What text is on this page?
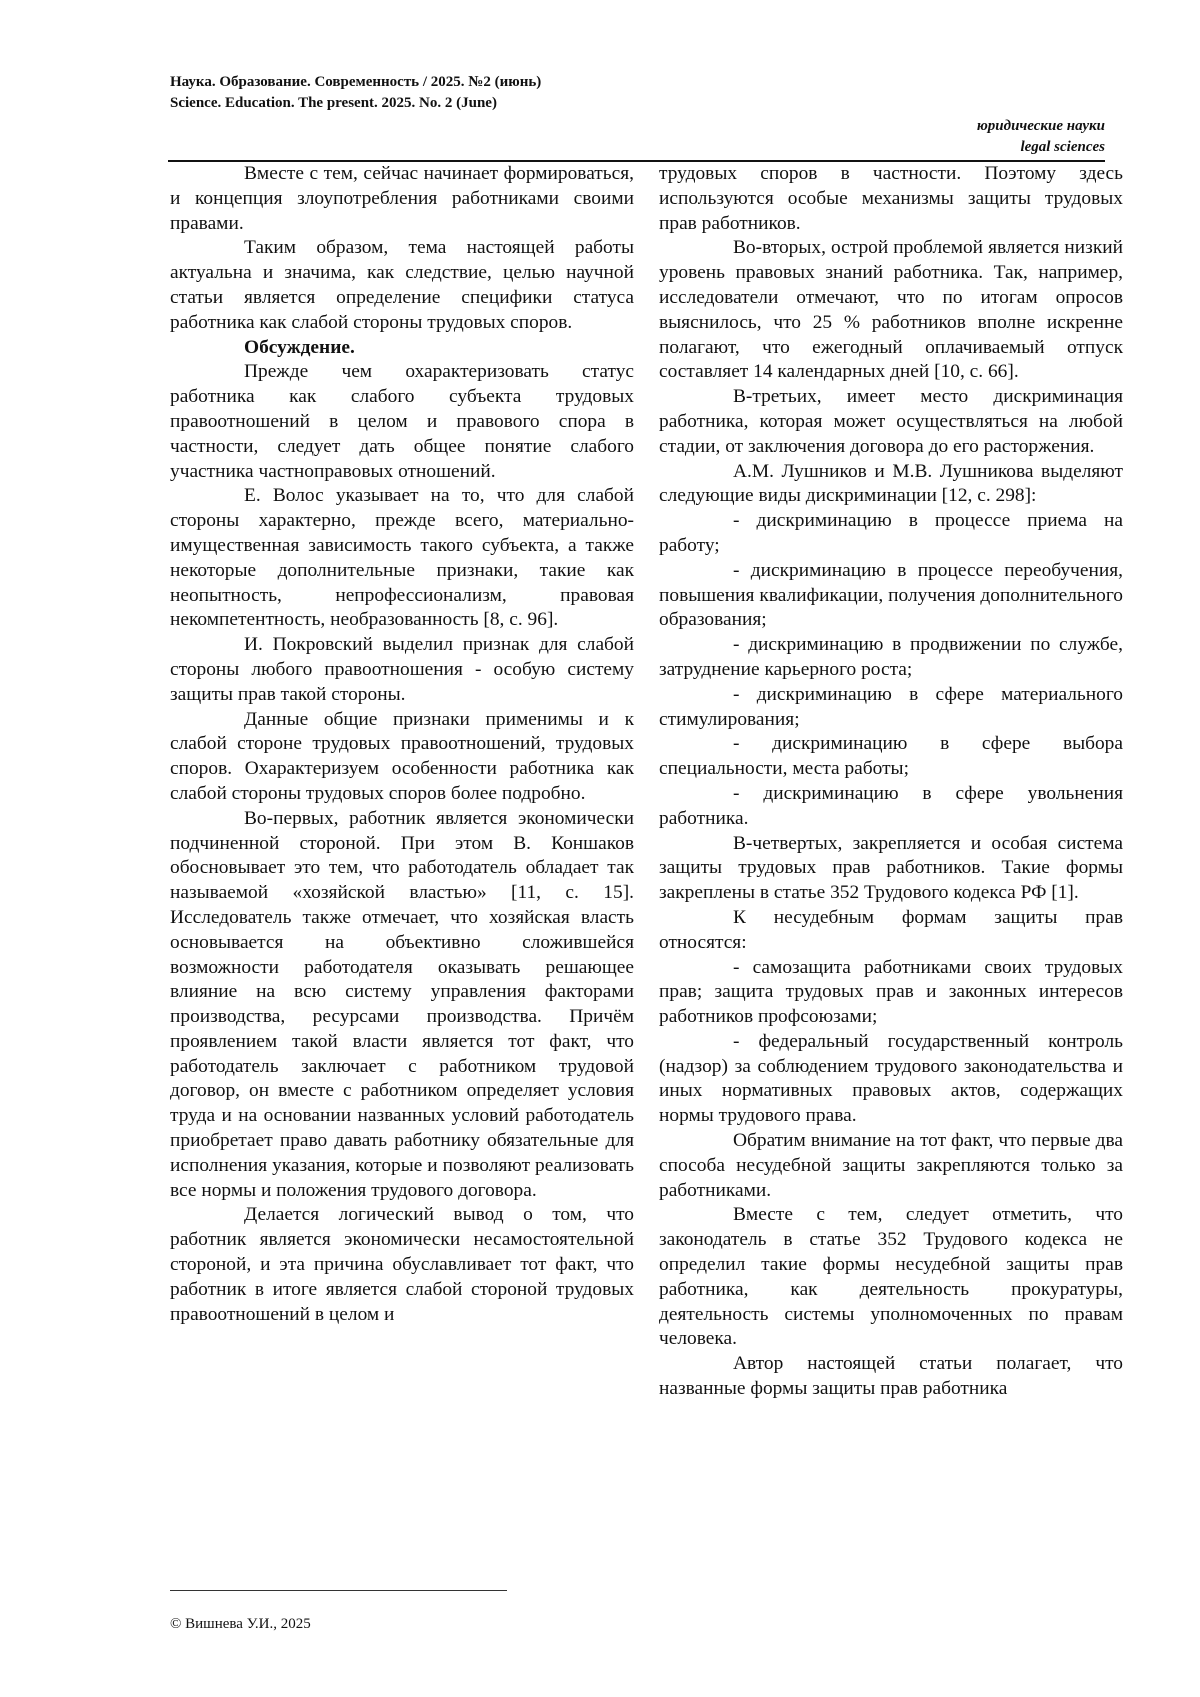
Наука. Образование. Современность / 2025. №2 (июнь)
Science. Education. The present. 2025. No. 2 (June)
юридические науки
legal sciences

Вместе с тем, сейчас начинает формироваться, и концепция злоупотребления работниками своими правами.

Таким образом, тема настоящей работы актуальна и значима, как следствие, целью научной статьи является определение специфики статуса работника как слабой стороны трудовых споров.

Обсуждение.

Прежде чем охарактеризовать статус работника как слабого субъекта трудовых правоотношений в целом и правового спора в частности, следует дать общее понятие слабого участника частноправовых отношений.

Е. Волос указывает на то, что для слабой стороны характерно, прежде всего, материально-имущественная зависимость такого субъекта, а также некоторые дополнительные признаки, такие как неопытность, непрофессионализм, правовая некомпетентность, необразованность [8, с. 96].

И. Покровский выделил признак для слабой стороны любого правоотношения - особую систему защиты прав такой стороны.

Данные общие признаки применимы и к слабой стороне трудовых правоотношений, трудовых споров. Охарактеризуем особенности работника как слабой стороны трудовых споров более подробно.

Во-первых, работник является экономически подчиненной стороной. При этом В. Коншаков обосновывает это тем, что работодатель обладает так называемой «хозяйской властью» [11, с. 15]. Исследователь также отмечает, что хозяйская власть основывается на объективно сложившейся возможности работодателя оказывать решающее влияние на всю систему управления факторами производства, ресурсами производства. Причём проявлением такой власти является тот факт, что работодатель заключает с работником трудовой договор, он вместе с работником определяет условия труда и на основании названных условий работодатель приобретает право давать работнику обязательные для исполнения указания, которые и позволяют реализовать все нормы и положения трудового договора.

Делается логический вывод о том, что работник является экономически несамостоятельной стороной, и эта причина обуславливает тот факт, что работник в итоге является слабой стороной трудовых правоотношений в целом и

трудовых споров в частности. Поэтому здесь используются особые механизмы защиты трудовых прав работников.

Во-вторых, острой проблемой является низкий уровень правовых знаний работника. Так, например, исследователи отмечают, что по итогам опросов выяснилось, что 25 % работников вполне искренне полагают, что ежегодный оплачиваемый отпуск составляет 14 календарных дней [10, с. 66].

В-третьих, имеет место дискриминация работника, которая может осуществляться на любой стадии, от заключения договора до его расторжения.

А.М. Лушников и М.В. Лушникова выделяют следующие виды дискриминации [12, с. 298]:

- дискриминацию в процессе приема на работу;

- дискриминацию в процессе переобучения, повышения квалификации, получения дополнительного образования;

- дискриминацию в продвижении по службе, затруднение карьерного роста;

- дискриминацию в сфере материального стимулирования;

- дискриминацию в сфере выбора специальности, места работы;

- дискриминацию в сфере увольнения работника.

В-четвертых, закрепляется и особая система защиты трудовых прав работников. Такие формы закреплены в статье 352 Трудового кодекса РФ [1].

К несудебным формам защиты прав относятся:

- самозащита работниками своих трудовых прав; защита трудовых прав и законных интересов работников профсоюзами;

- федеральный государственный контроль (надзор) за соблюдением трудового законодательства и иных нормативных правовых актов, содержащих нормы трудового права.

Обратим внимание на тот факт, что первые два способа несудебной защиты закрепляются только за работниками.

Вместе с тем, следует отметить, что законодатель в статье 352 Трудового кодекса не определил такие формы несудебной защиты прав работника, как деятельность прокуратуры, деятельность системы уполномоченных по правам человека.

Автор настоящей статьи полагает, что названные формы защиты прав работника

© Вишнева У.И., 2025
